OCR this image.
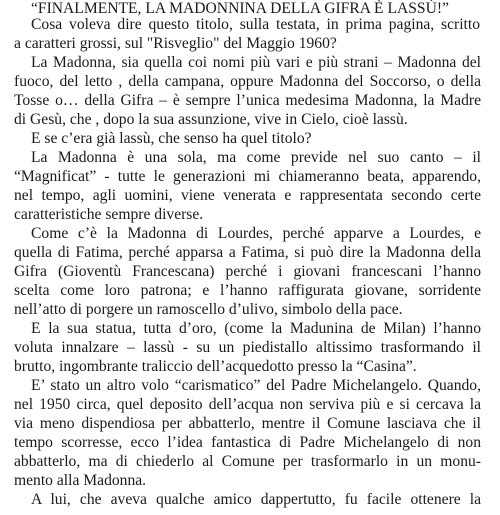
“FINALMENTE, LA MADONNINA DELLA GIFRA È LASSÙ!”
Cosa voleva dire questo titolo, sulla testata, in prima pagina, scritto
a caratteri grossi, sul "Risveglio" del Maggio 1960?
La Madonna, sia quella coi nomi più vari e più strani – Madonna del
fuoco, del letto , della campana, oppure Madonna del Soccorso, o della
Tosse o… della Gifra – è sempre l’unica medesima Madonna, la Madre
di Gesù, che , dopo la sua assunzione, vive in Cielo, cioè lassù.
E se c’era già lassù, che senso ha quel titolo?
La Madonna è una sola, ma come previde nel suo canto – il
“Magnificat” - tutte le generazioni mi chiameranno beata, apparendo,
nel tempo, agli uomini, viene venerata e rappresentata secondo certe
caratteristiche sempre diverse.
Come c’è la Madonna di Lourdes, perché apparve a Lourdes, e
quella di Fatima, perché apparsa a Fatima, si può dire la Madonna della
Gifra (Gioventù Francescana) perché i giovani francescani l’hanno
scelta come loro patrona; e l’hanno raffigurata giovane, sorridente
nell’atto di porgere un ramoscello d’ulivo, simbolo della pace.
E la sua statua, tutta d’oro, (come la Madunina de Milan) l’hanno
voluta innalzare – lassù - su un piedistallo altissimo trasformando il
brutto, ingombrante traliccio dell’acquedotto presso la “Casina”.
E’ stato un altro volo “carismatico” del Padre Michelangelo. Quando,
nel 1950 circa, quel deposito dell’acqua non serviva più e si cercava la
via meno dispendiosa per abbatterlo, mentre il Comune lasciava che il
tempo scorresse, ecco l’idea fantastica di Padre Michelangelo di non
abbatterlo, ma di chiederlo al Comune per trasformarlo in un monu-
mento alla Madonna.
A lui, che aveva qualche amico dappertutto, fu facile ottenere la
